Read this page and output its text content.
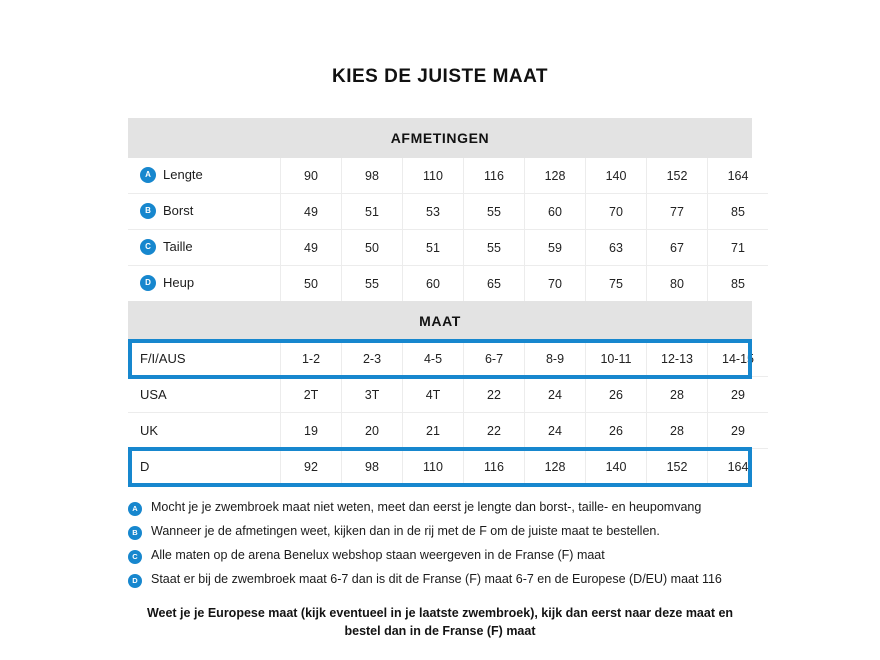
KIES DE JUISTE MAAT
AFMETINGEN
A Lengte	90	98	110	116	128	140	152	164
B Borst	49	51	53	55	60	70	77	85
C Taille	49	50	51	55	59	63	67	71
D Heup	50	55	60	65	70	75	80	85
MAAT
F/I/AUS	1-2	2-3	4-5	6-7	8-9	10-11	12-13	14-15
USA	2T	3T	4T	22	24	26	28	29
UK	19	20	21	22	24	26	28	29
D	92	98	110	116	128	140	152	164
A	Mocht je je zwembroek maat niet weten, meet dan eerst je lengte dan borst-, taille- en heupomvang
B	Wanneer je de afmetingen weet, kijken dan in de rij met de F om de juiste maat te bestellen.
C	Alle maten op de arena Benelux webshop staan weergeven in de Franse (F) maat
D	Staat er bij de zwembroek maat 6-7 dan is dit de Franse (F) maat 6-7 en de Europese (D/EU) maat 116
Weet je je Europese maat (kijk eventueel in je laatste zwembroek), kijk dan eerst naar deze maat en bestel dan in de Franse (F) maat
